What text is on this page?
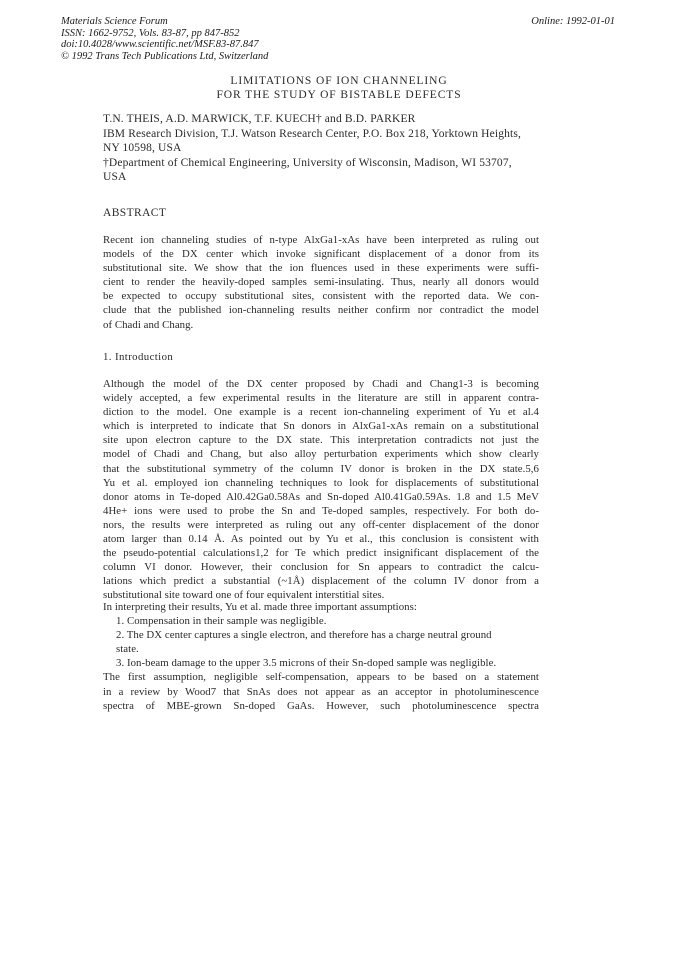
Materials Science Forum
ISSN: 1662-9752, Vols. 83-87, pp 847-852
doi:10.4028/www.scientific.net/MSF.83-87.847
© 1992 Trans Tech Publications Ltd, Switzerland
Online: 1992-01-01
LIMITATIONS OF ION CHANNELING
FOR THE STUDY OF BISTABLE DEFECTS
T.N. THEIS, A.D. MARWICK, T.F. KUECH† and B.D. PARKER
IBM Research Division, T.J. Watson Research Center, P.O. Box 218, Yorktown Heights,
NY 10598, USA
†Department of Chemical Engineering, University of Wisconsin, Madison, WI 53707,
USA
ABSTRACT
Recent ion channeling studies of n-type AlxGa1-xAs have been interpreted as ruling out
models of the DX center which invoke significant displacement of a donor from its
substitutional site. We show that the ion fluences used in these experiments were suffi-
cient to render the heavily-doped samples semi-insulating. Thus, nearly all donors would
be expected to occupy substitutional sites, consistent with the reported data. We con-
clude that the published ion-channeling results neither confirm nor contradict the model
of Chadi and Chang.
1. Introduction
Although the model of the DX center proposed by Chadi and Chang1-3 is becoming
widely accepted, a few experimental results in the literature are still in apparent contra-
diction to the model. One example is a recent ion-channeling experiment of Yu et al.4
which is interpreted to indicate that Sn donors in AlxGa1-xAs remain on a substitutional
site upon electron capture to the DX state. This interpretation contradicts not just the
model of Chadi and Chang, but also alloy perturbation experiments which show clearly
that the substitutional symmetry of the column IV donor is broken in the DX state.5,6
Yu et al. employed ion channeling techniques to look for displacements of substitutional
donor atoms in Te-doped Al0.42Ga0.58As and Sn-doped Al0.41Ga0.59As. 1.8 and 1.5 MeV
4He+ ions were used to probe the Sn and Te-doped samples, respectively. For both do-
nors, the results were interpreted as ruling out any off-center displacement of the donor
atom larger than 0.14 Å. As pointed out by Yu et al., this conclusion is consistent with
the pseudo-potential calculations1,2 for Te which predict insignificant displacement of the
column VI donor. However, their conclusion for Sn appears to contradict the calcu-
lations which predict a substantial (~1Å) displacement of the column IV donor from a
substitutional site toward one of four equivalent interstitial sites.
In interpreting their results, Yu et al. made three important assumptions:
1. Compensation in their sample was negligible.
2. The DX center captures a single electron, and therefore has a charge neutral ground
state.
3. Ion-beam damage to the upper 3.5 microns of their Sn-doped sample was negligible.
The first assumption, negligible self-compensation, appears to be based on a statement
in a review by Wood7 that SnAs does not appear as an acceptor in photoluminescence
spectra of MBE-grown Sn-doped GaAs. However, such photoluminescence spectra
